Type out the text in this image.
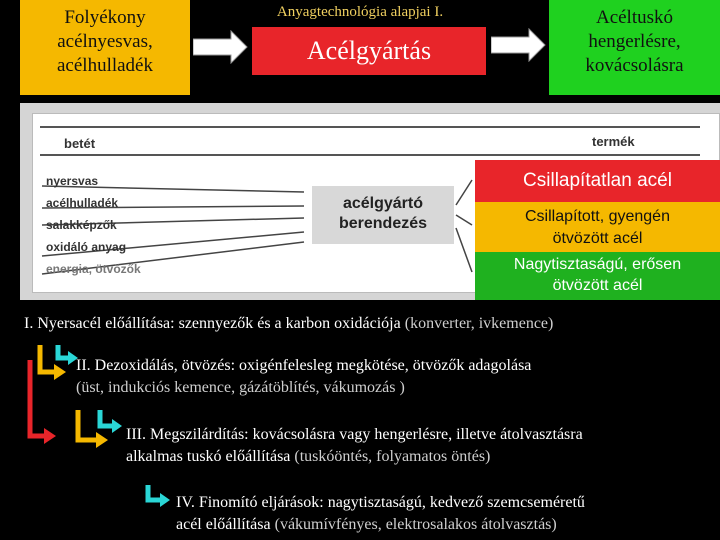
Folyékony
acélnyesvas,
acélhulladék
Anyagtechnológia alapjai I.
Acélgyártás
Acéltuskó
hengerlésre,
kovácsolásra
betét	termék
nyersvas
acélhulladék
salakképzők
oxidáló anyag
energia, ötvözők
acélgyártó
berendezés
Csillapítatlan acél
Csillapított, gyengén
ötvözött acél
Nagytisztaságú, erősen
ötvözött acél
I. Nyersacél előállítása: szennyezők és a karbon oxidációja (konverter, ivkemence)
II. Dezoxidálás, ötvözés: oxigénfelesleg megkötése, ötvözők adagolása
(üst, indukciós kemence, gázátöblítés, vákumozás )
III. Megszilárdítás: kovácsolásra vagy hengerlésre, illetve átolvasztásra
alkalmas tuskó előállítása (tuskóöntés, folyamatos öntés)
IV. Finomító eljárások: nagytisztaságú, kedvező szemcseméretű
acél előállítása (vákumívfényes, elektrosalakos átolvasztás)
